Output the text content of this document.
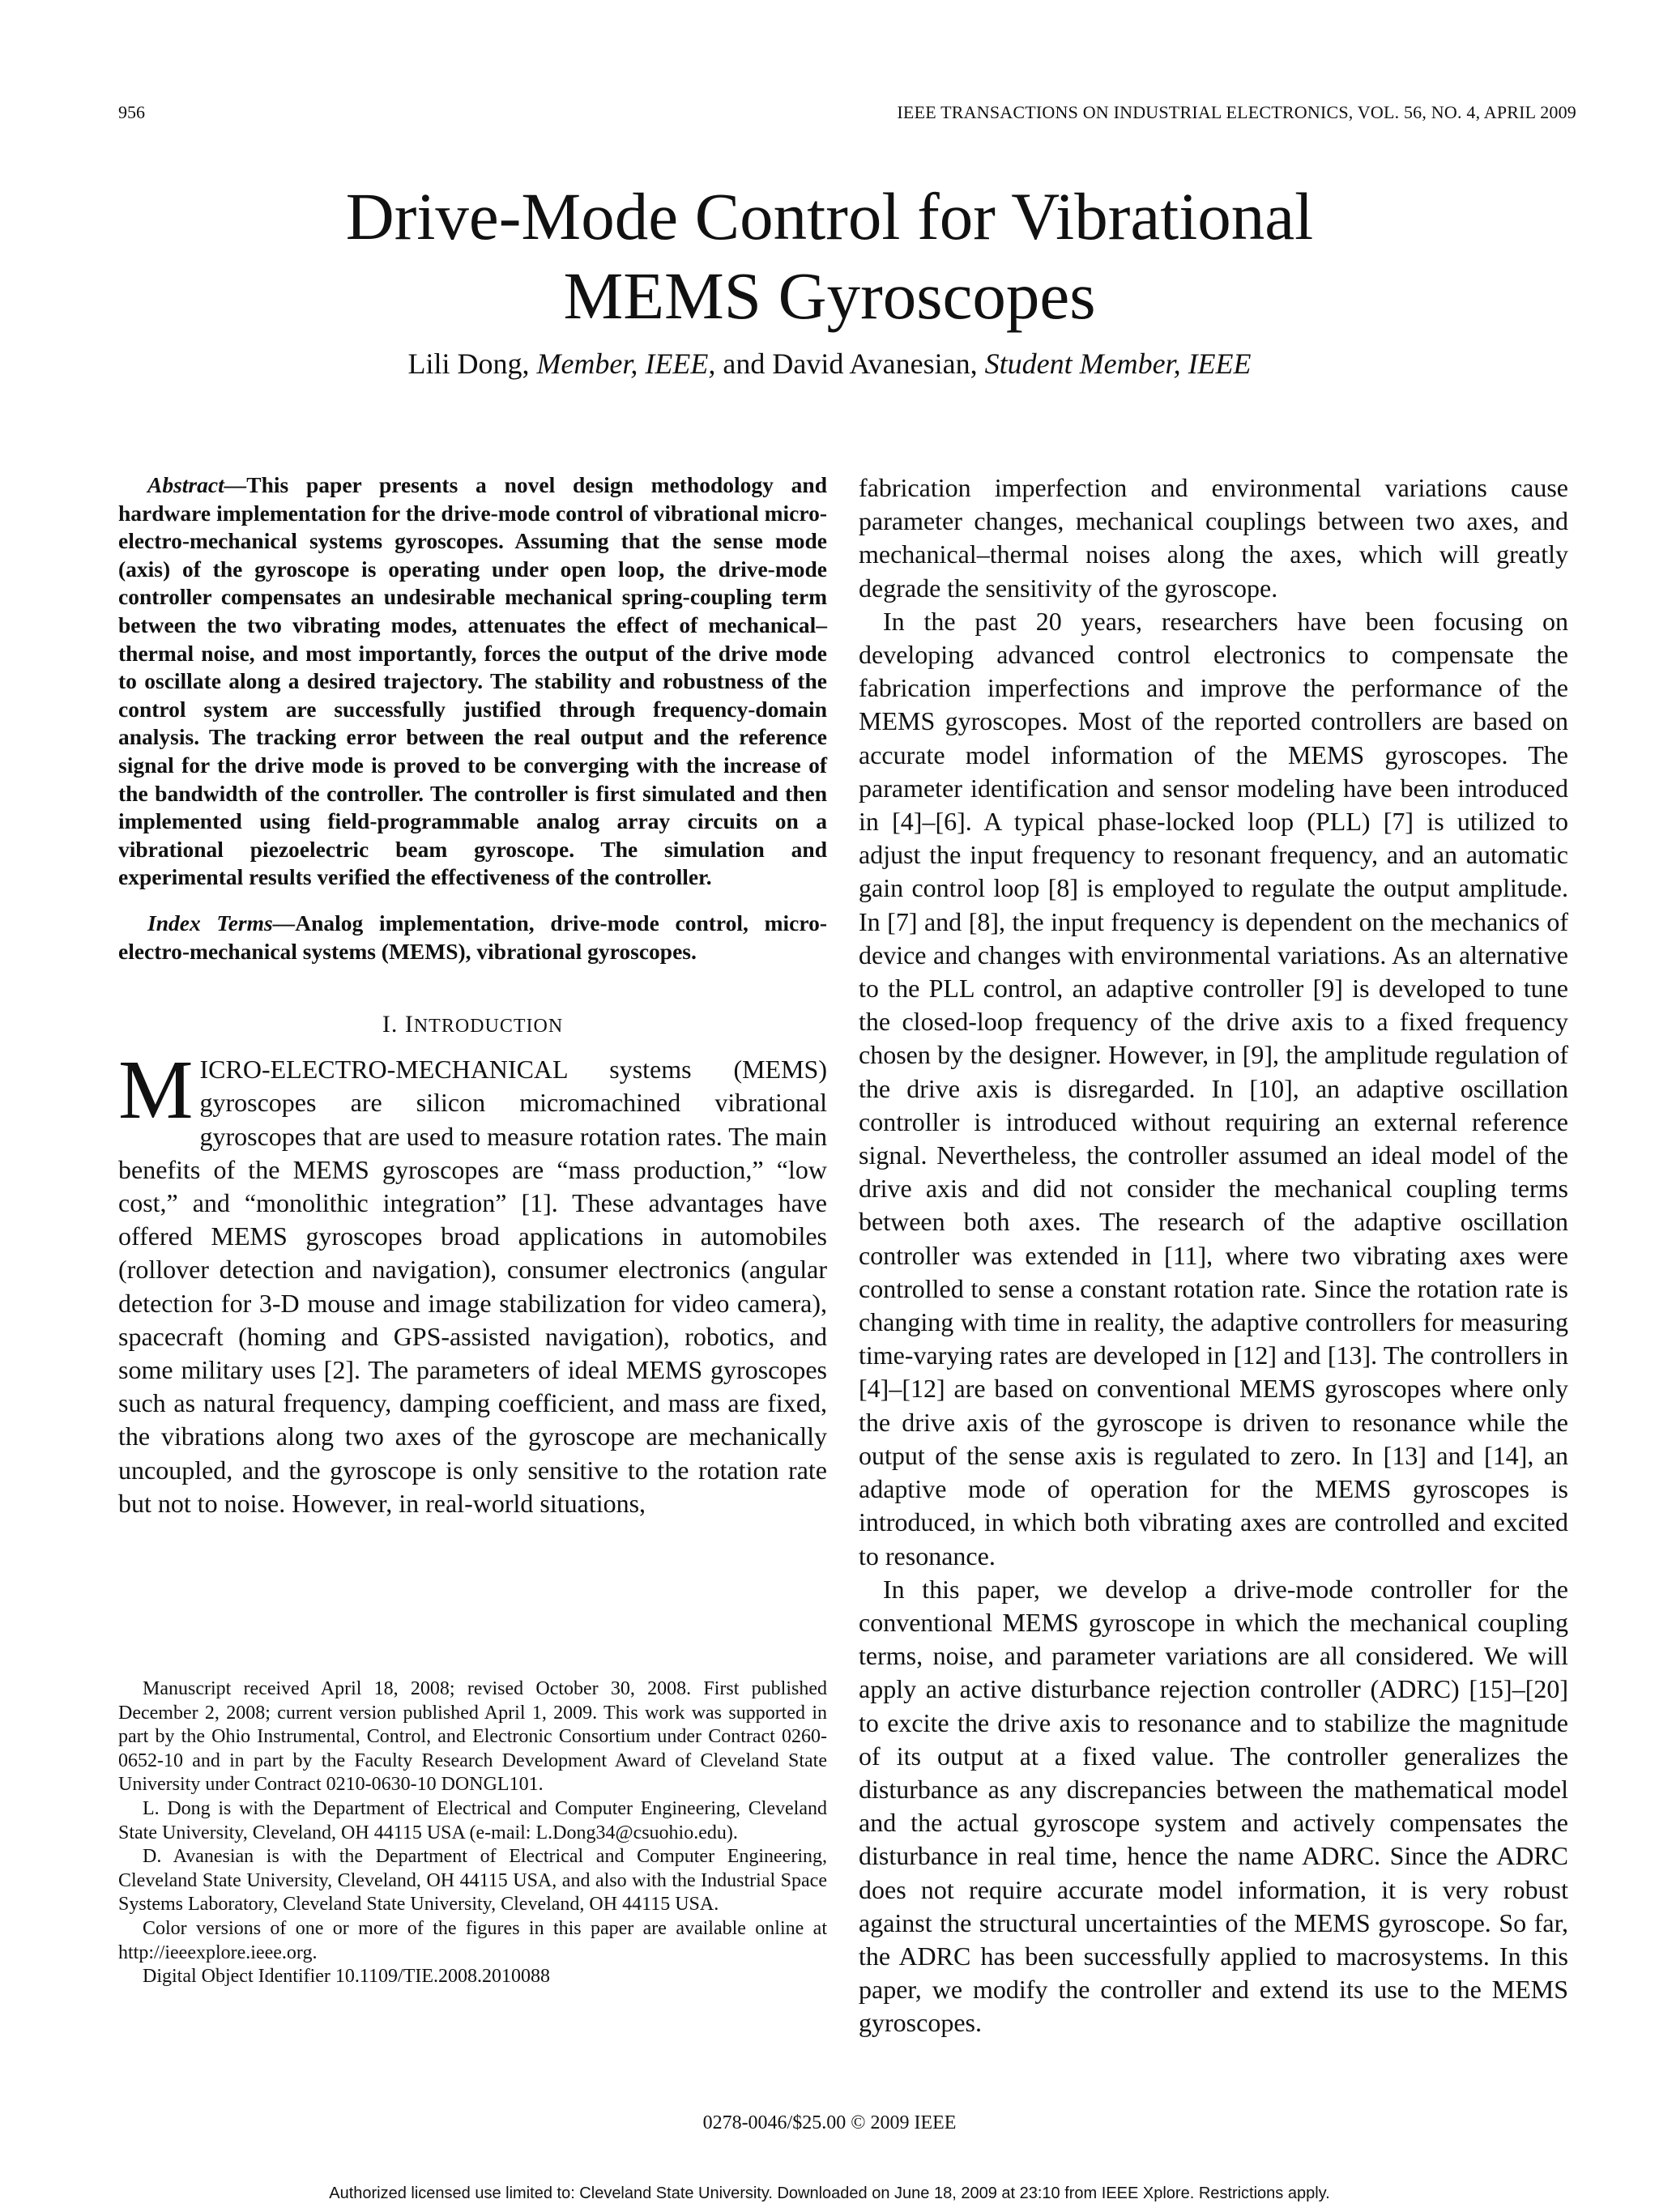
956	IEEE TRANSACTIONS ON INDUSTRIAL ELECTRONICS, VOL. 56, NO. 4, APRIL 2009
Drive-Mode Control for Vibrational
MEMS Gyroscopes
Lili Dong, Member, IEEE, and David Avanesian, Student Member, IEEE

Abstract—This paper presents a novel design methodology and hardware implementation for the drive-mode control of vibrational micro-electro-mechanical systems gyroscopes. Assuming that the sense mode (axis) of the gyroscope is operating under open loop, the drive-mode controller compensates an undesirable mechanical spring-coupling term between the two vibrating modes, attenuates the effect of mechanical–thermal noise, and most importantly, forces the output of the drive mode to oscillate along a desired trajectory. The stability and robustness of the control system are successfully justified through frequency-domain analysis. The tracking error between the real output and the reference signal for the drive mode is proved to be converging with the increase of the bandwidth of the controller. The controller is first simulated and then implemented using field-programmable analog array circuits on a vibrational piezoelectric beam gyroscope. The simulation and experimental results verified the effectiveness of the controller.

Index Terms—Analog implementation, drive-mode control, micro-electro-mechanical systems (MEMS), vibrational gyroscopes.

I. INTRODUCTION
MICRO-ELECTRO-MECHANICAL systems (MEMS) gyroscopes are silicon micromachined vibrational gyroscopes that are used to measure rotation rates. The main benefits of the MEMS gyroscopes are “mass production,” “low cost,” and “monolithic integration” [1]. These advantages have offered MEMS gyroscopes broad applications in automobiles (rollover detection and navigation), consumer electronics (angular detection for 3-D mouse and image stabilization for video camera), spacecraft (homing and GPS-assisted navigation), robotics, and some military uses [2]. The parameters of ideal MEMS gyroscopes such as natural frequency, damping coefficient, and mass are fixed, the vibrations along two axes of the gyroscope are mechanically uncoupled, and the gyroscope is only sensitive to the rotation rate but not to noise. However, in real-world situations,

fabrication imperfection and environmental variations cause parameter changes, mechanical couplings between two axes, and mechanical–thermal noises along the axes, which will greatly degrade the sensitivity of the gyroscope.

In the past 20 years, researchers have been focusing on developing advanced control electronics to compensate the fabrication imperfections and improve the performance of the MEMS gyroscopes. Most of the reported controllers are based on accurate model information of the MEMS gyroscopes. The parameter identification and sensor modeling have been introduced in [4]–[6]. A typical phase-locked loop (PLL) [7] is utilized to adjust the input frequency to resonant frequency, and an automatic gain control loop [8] is employed to regulate the output amplitude. In [7] and [8], the input frequency is dependent on the mechanics of device and changes with environmental variations. As an alternative to the PLL control, an adaptive controller [9] is developed to tune the closed-loop frequency of the drive axis to a fixed frequency chosen by the designer. However, in [9], the amplitude regulation of the drive axis is disregarded. In [10], an adaptive oscillation controller is introduced without requiring an external reference signal. Nevertheless, the controller assumed an ideal model of the drive axis and did not consider the mechanical coupling terms between both axes. The research of the adaptive oscillation controller was extended in [11], where two vibrating axes were controlled to sense a constant rotation rate. Since the rotation rate is changing with time in reality, the adaptive controllers for measuring time-varying rates are developed in [12] and [13]. The controllers in [4]–[12] are based on conventional MEMS gyroscopes where only the drive axis of the gyroscope is driven to resonance while the output of the sense axis is regulated to zero. In [13] and [14], an adaptive mode of operation for the MEMS gyroscopes is introduced, in which both vibrating axes are controlled and excited to resonance.

In this paper, we develop a drive-mode controller for the conventional MEMS gyroscope in which the mechanical coupling terms, noise, and parameter variations are all considered. We will apply an active disturbance rejection controller (ADRC) [15]–[20] to excite the drive axis to resonance and to stabilize the magnitude of its output at a fixed value. The controller generalizes the disturbance as any discrepancies between the mathematical model and the actual gyroscope system and actively compensates the disturbance in real time, hence the name ADRC. Since the ADRC does not require accurate model information, it is very robust against the structural uncertainties of the MEMS gyroscope. So far, the ADRC has been successfully applied to macrosystems. In this paper, we modify the controller and extend its use to the MEMS gyroscopes.

Manuscript received April 18, 2008; revised October 30, 2008. First published December 2, 2008; current version published April 1, 2009. This work was supported in part by the Ohio Instrumental, Control, and Electronic Consortium under Contract 0260-0652-10 and in part by the Faculty Research Development Award of Cleveland State University under Contract 0210-0630-10 DONGL101.

L. Dong is with the Department of Electrical and Computer Engineering, Cleveland State University, Cleveland, OH 44115 USA (e-mail: L.Dong34@csuohio.edu).

D. Avanesian is with the Department of Electrical and Computer Engineering, Cleveland State University, Cleveland, OH 44115 USA, and also with the Industrial Space Systems Laboratory, Cleveland State University, Cleveland, OH 44115 USA.

Color versions of one or more of the figures in this paper are available online at http://ieeexplore.ieee.org.

Digital Object Identifier 10.1109/TIE.2008.2010088

0278-0046/$25.00 © 2009 IEEE
Authorized licensed use limited to: Cleveland State University. Downloaded on June 18, 2009 at 23:10 from IEEE Xplore. Restrictions apply.
